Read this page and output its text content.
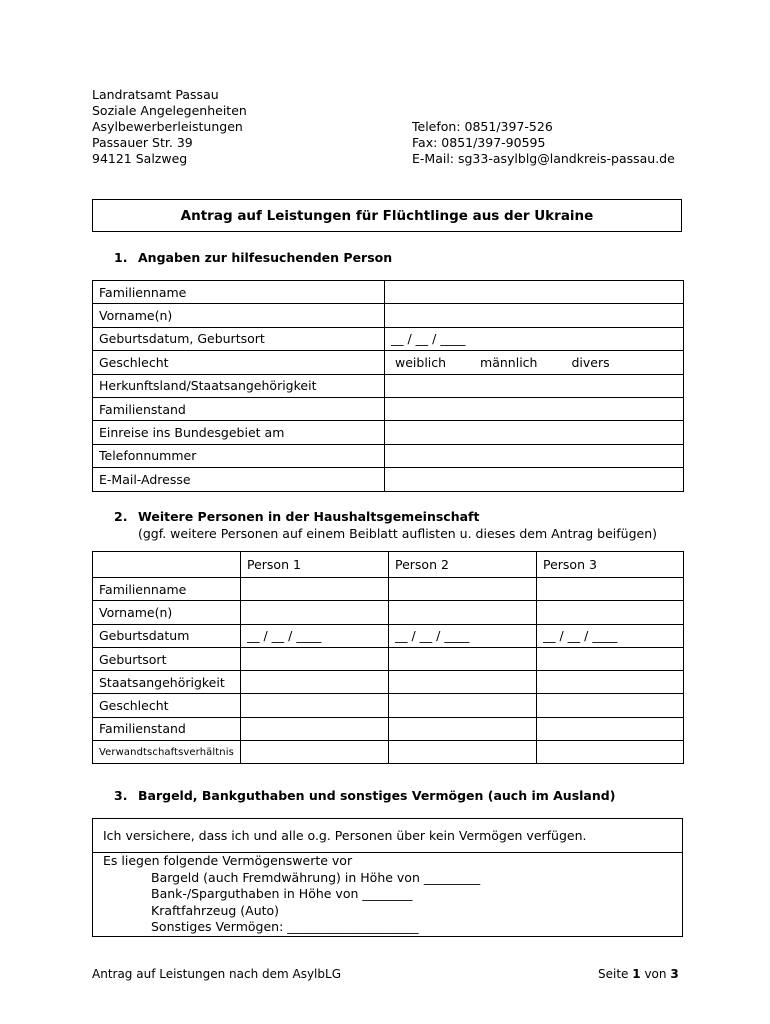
Landratsamt Passau
Soziale Angelegenheiten
Asylbewerberleistungen
Passauer Str. 39
94121 Salzweg
Telefon: 0851/397-526
Fax: 0851/397-90595
E-Mail: sg33-asylblg@landkreis-passau.de
Antrag auf Leistungen für Flüchtlinge aus der Ukraine
1. Angaben zur hilfesuchenden Person
Familienname	
Vorname(n)	
Geburtsdatum, Geburtsort	__ / __ / ____
Geschlecht	weiblich männlich divers
Herkunftsland/Staatsangehörigkeit	
Familienstand	
Einreise ins Bundesgebiet am	
Telefonnummer	
E-Mail-Adresse	
2. Weitere Personen in der Haushaltsgemeinschaft
(ggf. weitere Personen auf einem Beiblatt auflisten u. dieses dem Antrag beifügen)
	Person 1	Person 2	Person 3
Familienname			
Vorname(n)			
Geburtsdatum	__ / __ / ____	__ / __ / ____	__ / __ / ____
Geburtsort			
Staatsangehörigkeit			
Geschlecht			
Familienstand			
Verwandtschaftsverhältnis			
3. Bargeld, Bankguthaben und sonstiges Vermögen (auch im Ausland)
Ich versichere, dass ich und alle o.g. Personen über kein Vermögen verfügen.
Es liegen folgende Vermögenswerte vor
Bargeld (auch Fremdwährung) in Höhe von _________
Bank-/Sparguthaben in Höhe von ________
Kraftfahrzeug (Auto)
Sonstiges Vermögen: _____________________
Antrag auf Leistungen nach dem AsylbLG	Seite 1 von 3
